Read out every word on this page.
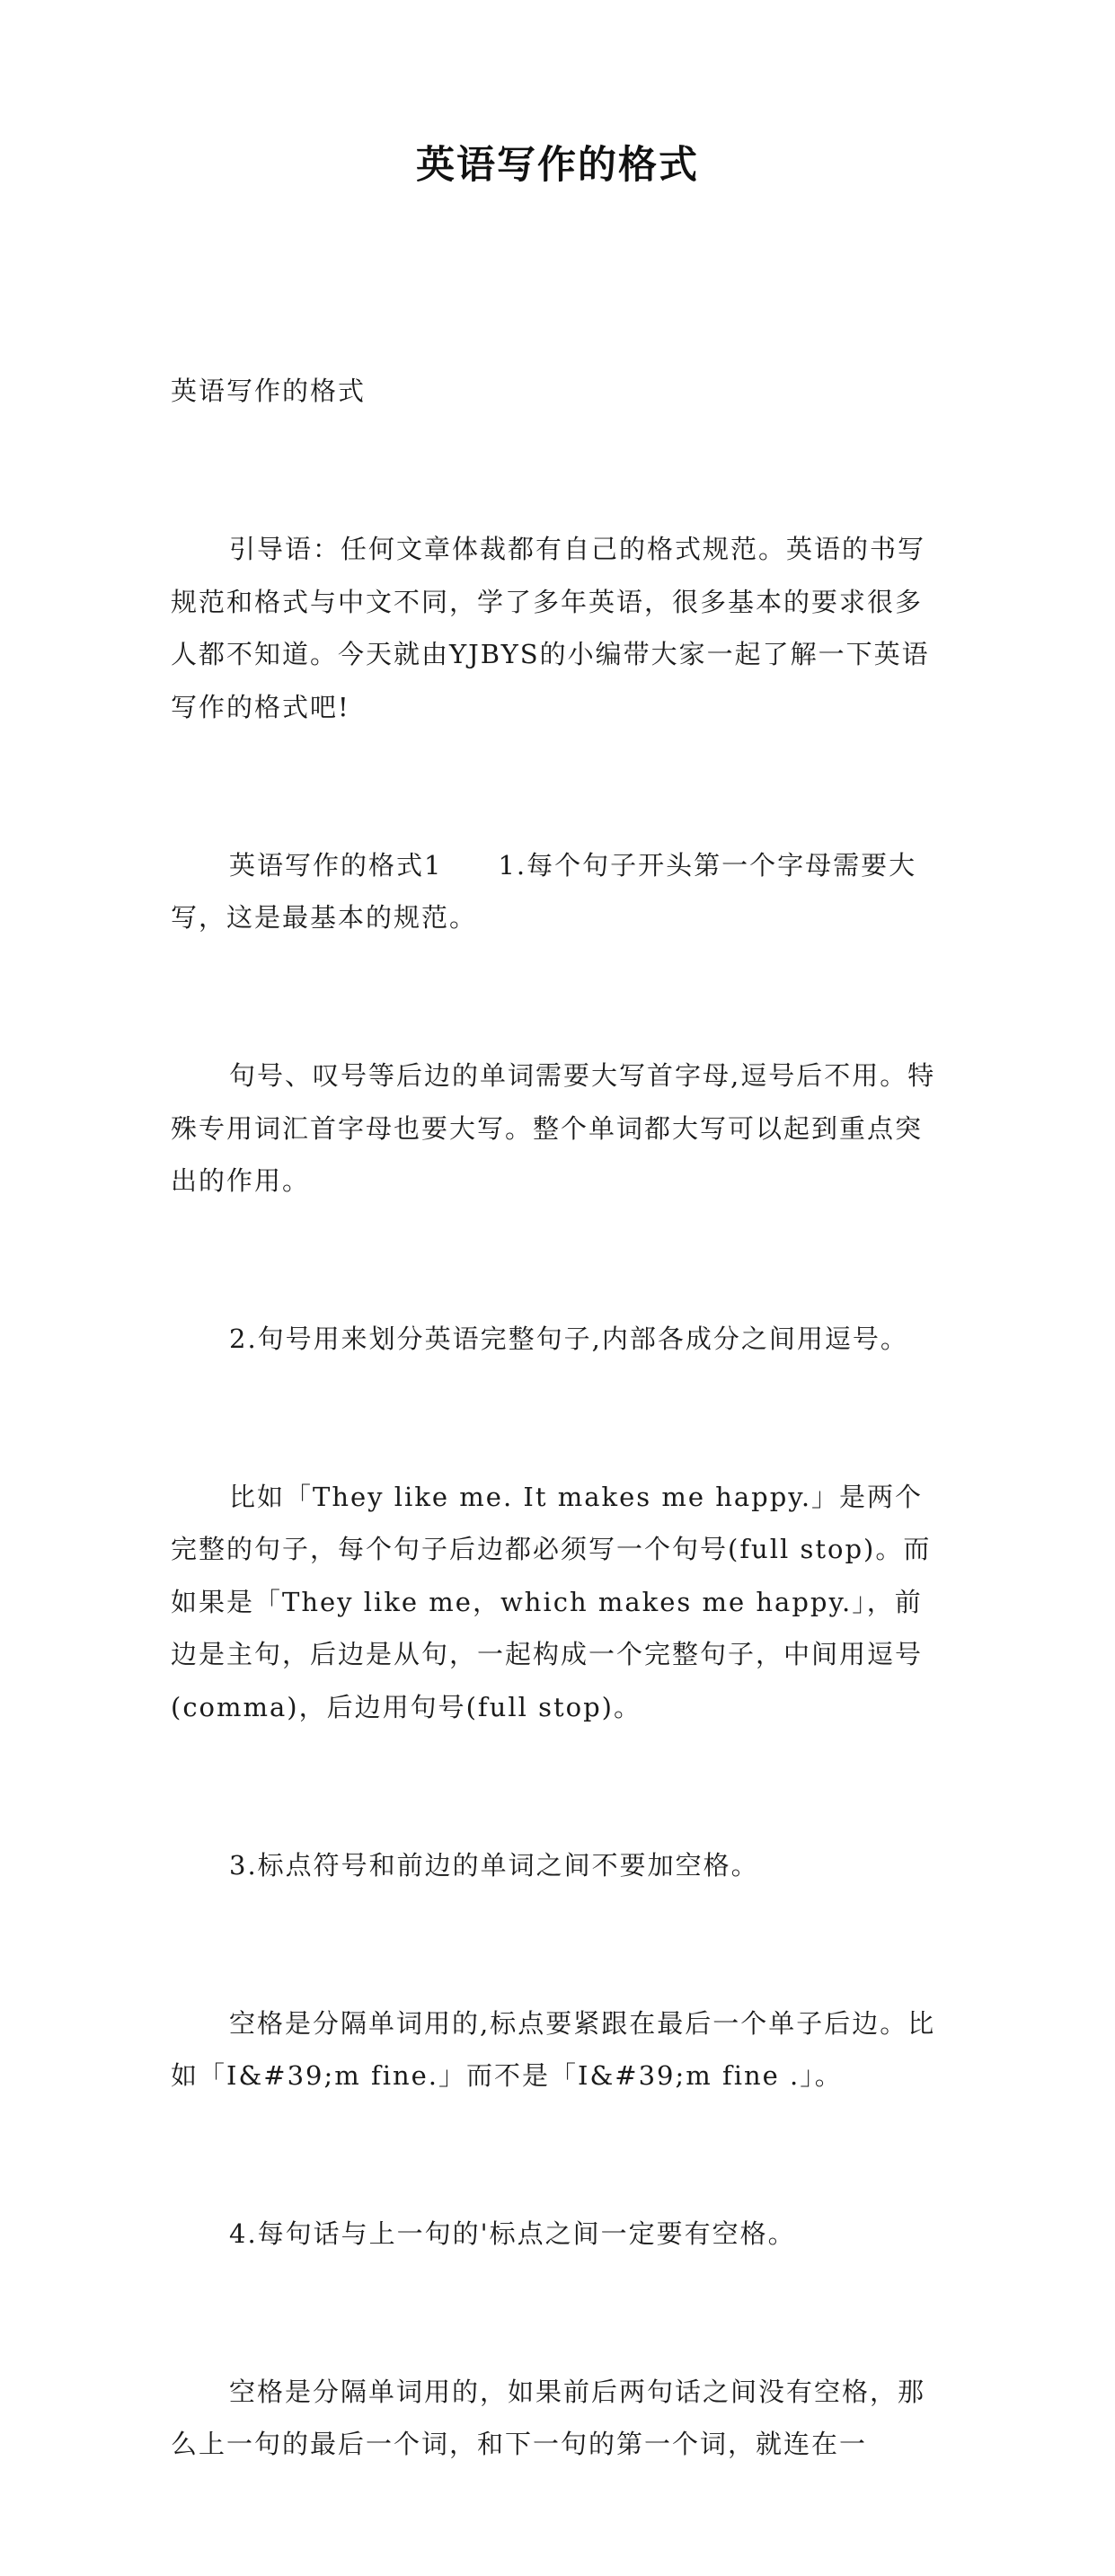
英语写作的格式

英语写作的格式

引导语：任何文章体裁都有自己的格式规范。英语的书写规范和格式与中文不同，学了多年英语，很多基本的要求很多人都不知道。今天就由YJBYS的小编带大家一起了解一下英语写作的格式吧!

英语写作的格式1　　1.每个句子开头第一个字母需要大写，这是最基本的规范。

句号、叹号等后边的单词需要大写首字母,逗号后不用。特殊专用词汇首字母也要大写。整个单词都大写可以起到重点突出的作用。

2.句号用来划分英语完整句子,内部各成分之间用逗号。

比如「They like me. It makes me happy.」是两个完整的句子，每个句子后边都必须写一个句号(full stop)。而如果是「They like me，which makes me happy.」，前边是主句，后边是从句，一起构成一个完整句子，中间用逗号(comma)，后边用句号(full stop)。

3.标点符号和前边的单词之间不要加空格。

空格是分隔单词用的,标点要紧跟在最后一个单子后边。比如「I&#39;m fine.」而不是「I&#39;m fine .」。

4.每句话与上一句的'标点之间一定要有空格。

空格是分隔单词用的，如果前后两句话之间没有空格，那么上一句的最后一个词，和下一句的第一个词，就连在一
